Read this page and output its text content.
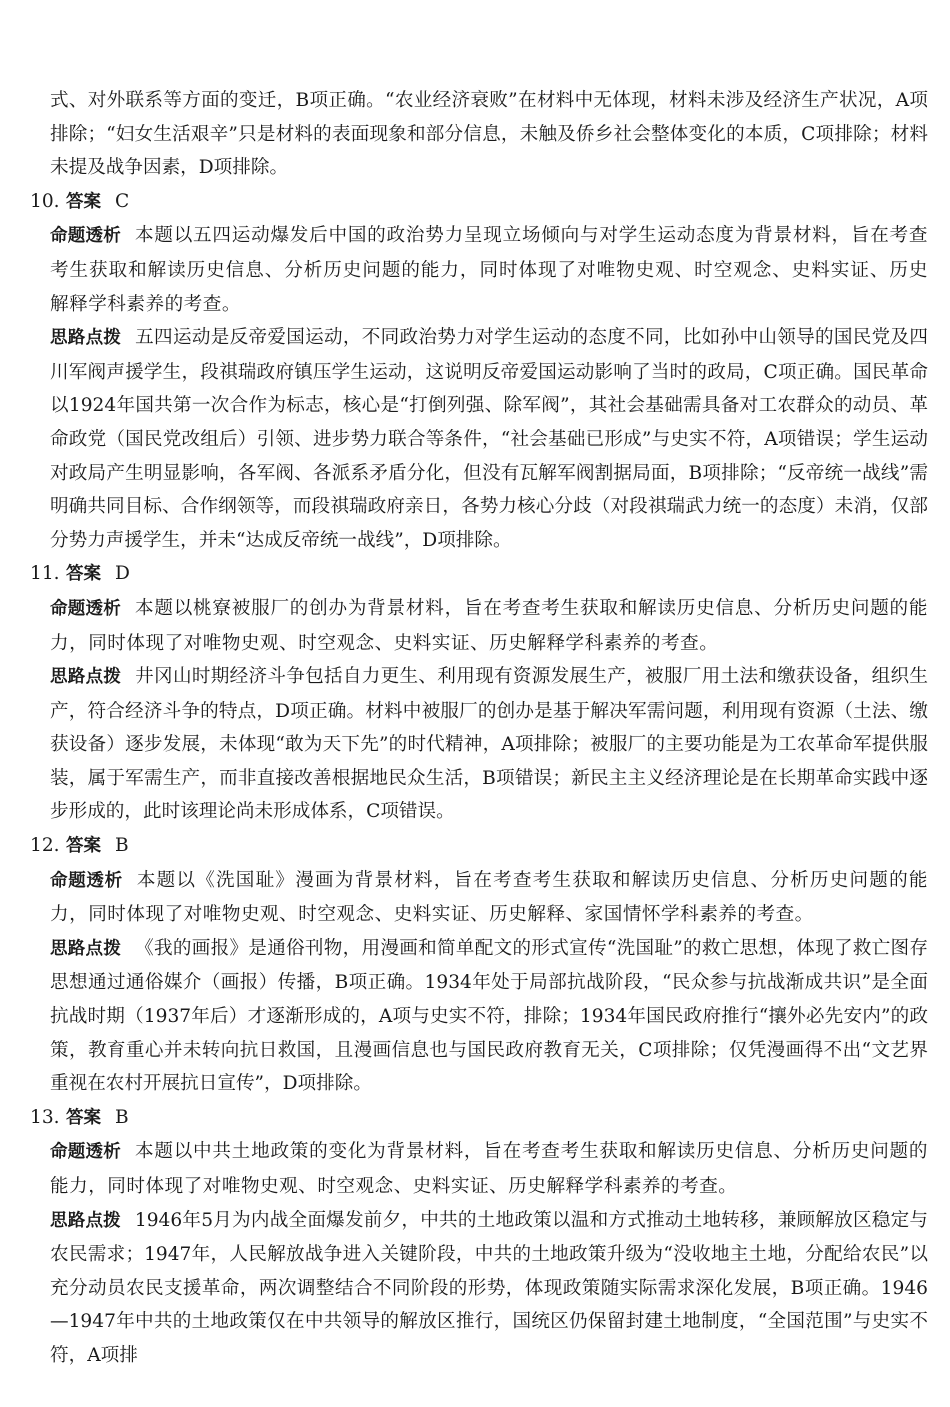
式、对外联系等方面的变迁，B项正确。“农业经济衰败”在材料中无体现，材料未涉及经济生产状况，A项排除；“妇女生活艰辛”只是材料的表面现象和部分信息，未触及侨乡社会整体变化的本质，C项排除；材料未提及战争因素，D项排除。

10. 答案 C

命题透析 本题以五四运动爆发后中国的政治势力呈现立场倾向与对学生运动态度为背景材料，旨在考查考生获取和解读历史信息、分析历史问题的能力，同时体现了对唯物史观、时空观念、史料实证、历史解释学科素养的考查。

思路点拨 五四运动是反帝爱国运动，不同政治势力对学生运动的态度不同，比如孙中山领导的国民党及四川军阀声援学生，段祺瑞政府镇压学生运动，这说明反帝爱国运动影响了当时的政局，C项正确。国民革命以1924年国共第一次合作为标志，核心是“打倒列强、除军阀”，其社会基础需具备对工农群众的动员、革命政党（国民党改组后）引领、进步势力联合等条件，“社会基础已形成”与史实不符，A项错误；学生运动对政局产生明显影响，各军阀、各派系矛盾分化，但没有瓦解军阀割据局面，B项排除；“反帝统一战线”需明确共同目标、合作纲领等，而段祺瑞政府亲日，各势力核心分歧（对段祺瑞武力统一的态度）未消，仅部分势力声援学生，并未“达成反帝统一战线”，D项排除。

11. 答案 D

命题透析 本题以桃寮被服厂的创办为背景材料，旨在考查考生获取和解读历史信息、分析历史问题的能力，同时体现了对唯物史观、时空观念、史料实证、历史解释学科素养的考查。

思路点拨 井冈山时期经济斗争包括自力更生、利用现有资源发展生产，被服厂用土法和缴获设备，组织生产，符合经济斗争的特点，D项正确。材料中被服厂的创办是基于解决军需问题，利用现有资源（土法、缴获设备）逐步发展，未体现“敢为天下先”的时代精神，A项排除；被服厂的主要功能是为工农革命军提供服装，属于军需生产，而非直接改善根据地民众生活，B项错误；新民主主义经济理论是在长期革命实践中逐步形成的，此时该理论尚未形成体系，C项错误。

12. 答案 B

命题透析 本题以《洗国耻》漫画为背景材料，旨在考查考生获取和解读历史信息、分析历史问题的能力，同时体现了对唯物史观、时空观念、史料实证、历史解释、家国情怀学科素养的考查。

思路点拨 《我的画报》是通俗刊物，用漫画和简单配文的形式宣传“洗国耻”的救亡思想，体现了救亡图存思想通过通俗媒介（画报）传播，B项正确。1934年处于局部抗战阶段，“民众参与抗战渐成共识”是全面抗战时期（1937年后）才逐渐形成的，A项与史实不符，排除；1934年国民政府推行“攘外必先安内”的政策，教育重心并未转向抗日救国，且漫画信息也与国民政府教育无关，C项排除；仅凭漫画得不出“文艺界重视在农村开展抗日宣传”，D项排除。

13. 答案 B

命题透析 本题以中共土地政策的变化为背景材料，旨在考查考生获取和解读历史信息、分析历史问题的能力，同时体现了对唯物史观、时空观念、史料实证、历史解释学科素养的考查。

思路点拨 1946年5月为内战全面爆发前夕，中共的土地政策以温和方式推动土地转移，兼顾解放区稳定与农民需求；1947年，人民解放战争进入关键阶段，中共的土地政策升级为“没收地主土地，分配给农民”以充分动员农民支援革命，两次调整结合不同阶段的形势，体现政策随实际需求深化发展，B项正确。1946—1947年中共的土地政策仅在中共领导的解放区推行，国统区仍保留封建土地制度，“全国范围”与史实不符，A项排
